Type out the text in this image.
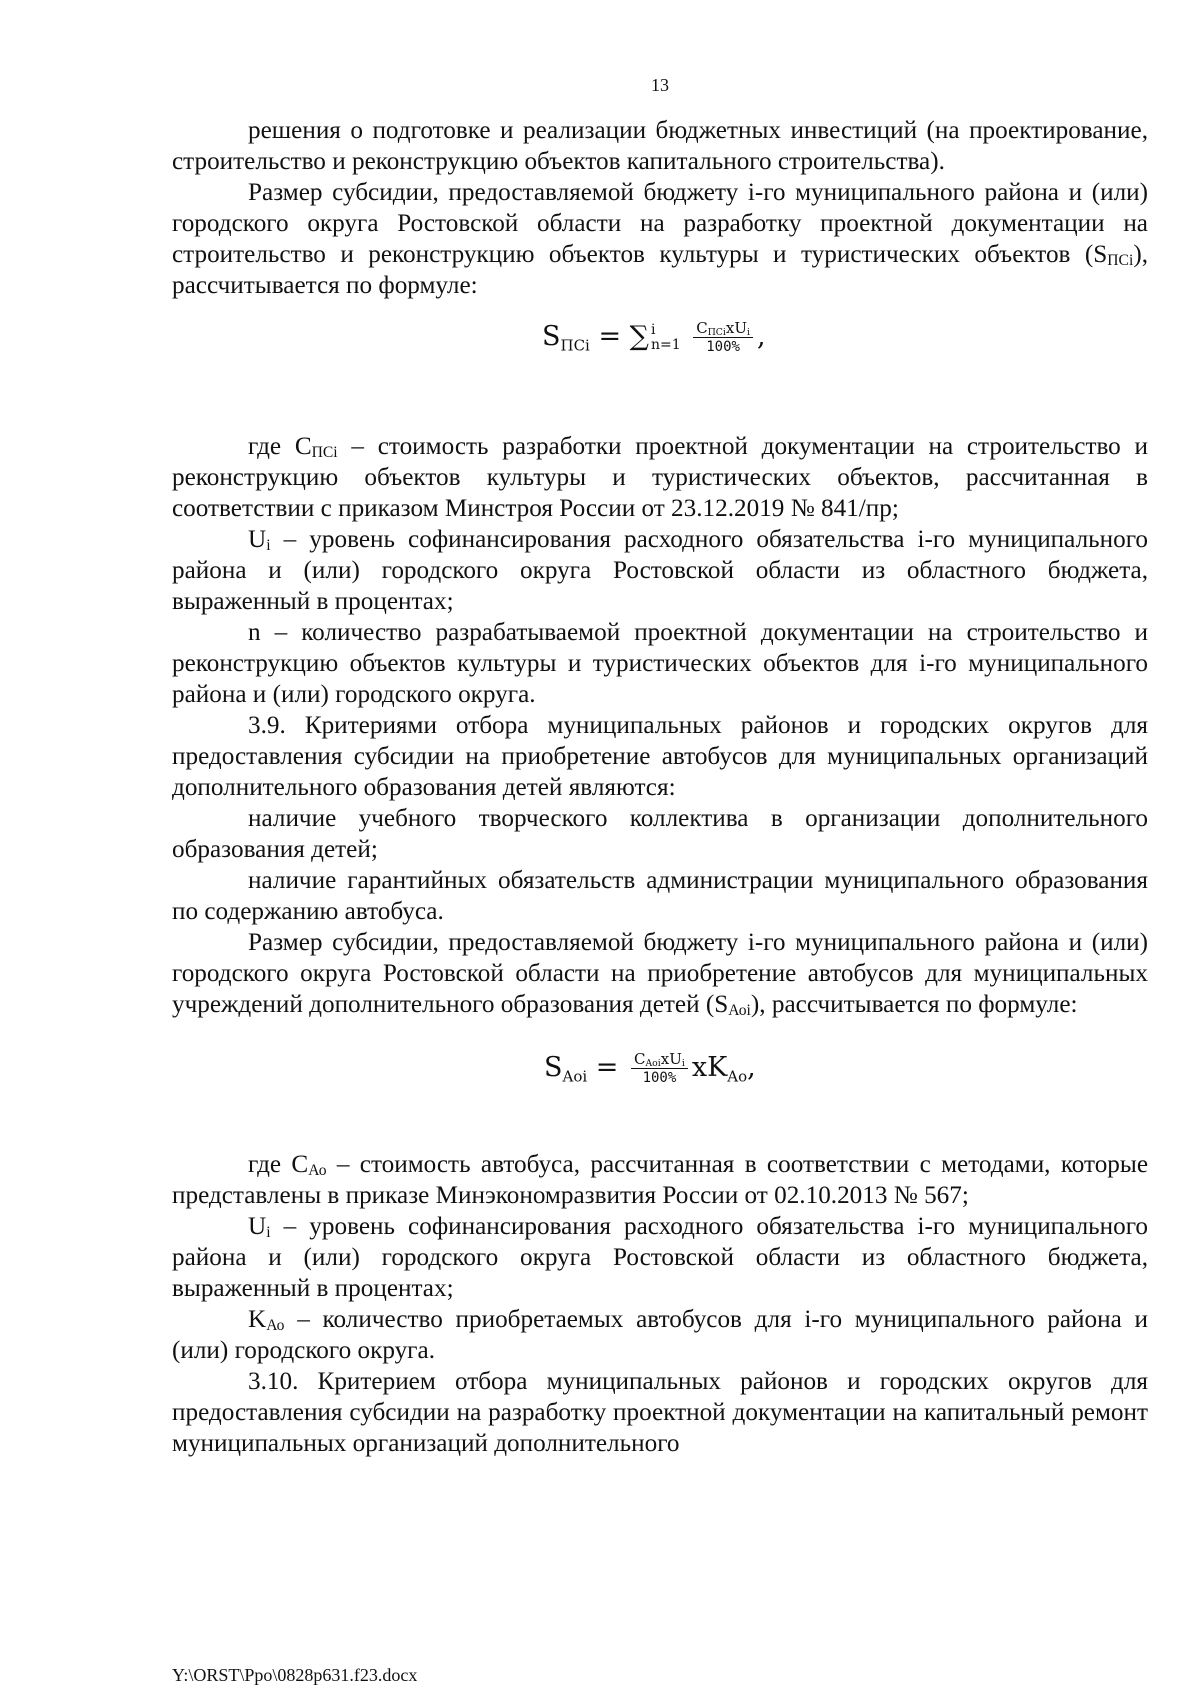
13

решения о подготовке и реализации бюджетных инвестиций (на проектирование, строительство и реконструкцию объектов капитального строительства).

Размер субсидии, предоставляемой бюджету i-го муниципального района и (или) городского округа Ростовской области на разработку проектной документации на строительство и реконструкцию объектов культуры и туристических объектов (SПСi), рассчитывается по формуле:

SПСi = ∑ i
n=1
$\frac{\text{CПСixUi}}{100\%}$ ,

где CПСi – стоимость разработки проектной документации на строительство и реконструкцию объектов культуры и туристических объектов, рассчитанная в соответствии с приказом Минстроя России от 23.12.2019 № 841/пр;

Ui – уровень софинансирования расходного обязательства i-го муниципального района и (или) городского округа Ростовской области из областного бюджета, выраженный в процентах;

n – количество разрабатываемой проектной документации на строительство и реконструкцию объектов культуры и туристических объектов для i-го муниципального района и (или) городского округа.

3.9. Критериями отбора муниципальных районов и городских округов для предоставления субсидии на приобретение автобусов для муниципальных организаций дополнительного образования детей являются:

наличие учебного творческого коллектива в организации дополнительного образования детей;

наличие гарантийных обязательств администрации муниципального образования по содержанию автобуса.

Размер субсидии, предоставляемой бюджету i-го муниципального района и (или) городского округа Ростовской области на приобретение автобусов для муниципальных учреждений дополнительного образования детей (SАоi), рассчитывается по формуле:

SAoi = $\frac{\text{CAoixUi}}{100\%}$ xKAo,

где CАо – стоимость автобуса, рассчитанная в соответствии с методами, которые представлены в приказе Минэкономразвития России от 02.10.2013 № 567;

Ui – уровень софинансирования расходного обязательства i-го муниципального района и (или) городского округа Ростовской области из областного бюджета, выраженный в процентах;

KАо – количество приобретаемых автобусов для i-го муниципального района и (или) городского округа.

3.10. Критерием отбора муниципальных районов и городских округов для предоставления субсидии на разработку проектной документации на капитальный ремонт муниципальных организаций дополнительного

Y:\ORST\Ppo\0828p631.f23.docx
